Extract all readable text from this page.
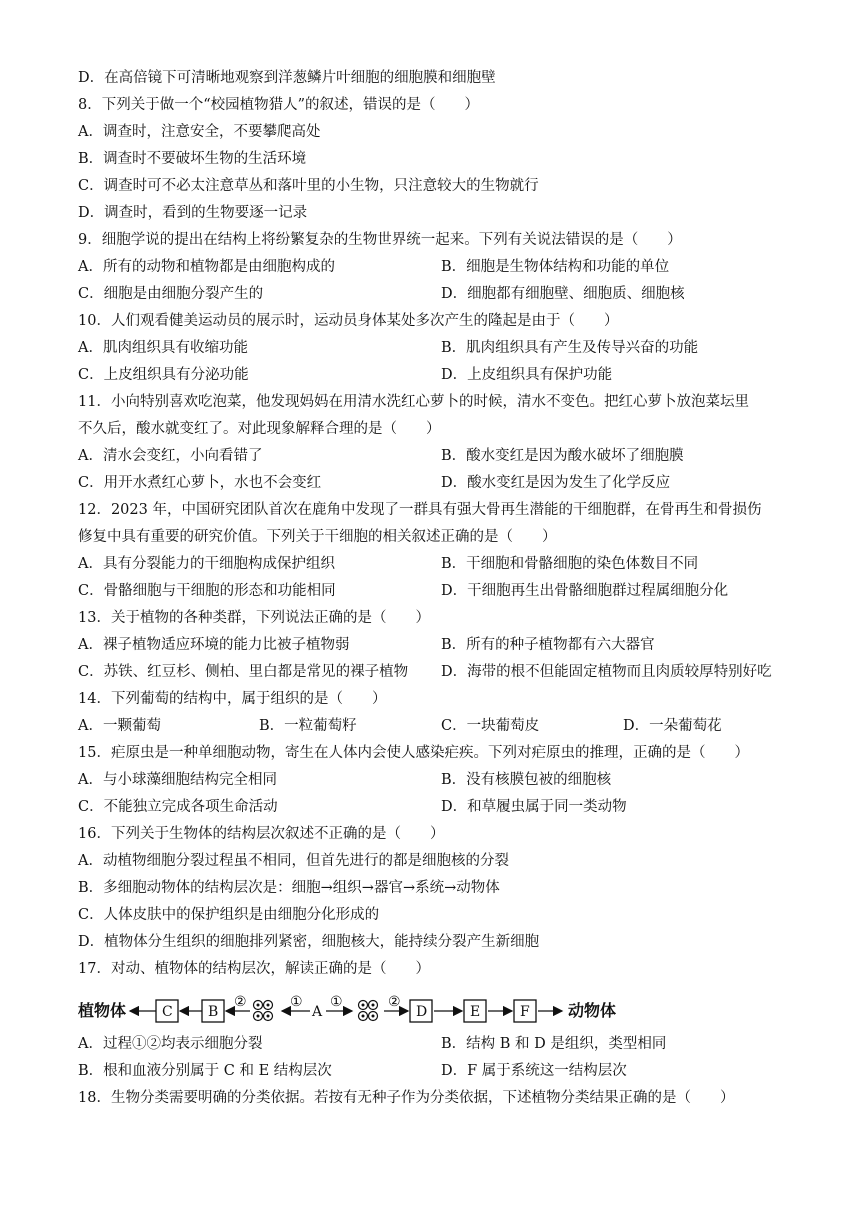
D．在高倍镜下可清晰地观察到洋葱鳞片叶细胞的细胞膜和细胞壁
8．下列关于做一个“校园植物猎人”的叙述，错误的是（　　）
A．调查时，注意安全，不要攀爬高处
B．调查时不要破坏生物的生活环境
C．调查时可不必太注意草丛和落叶里的小生物，只注意较大的生物就行
D．调查时，看到的生物要逐一记录
9．细胞学说的提出在结构上将纷繁复杂的生物世界统一起来。下列有关说法错误的是（　　）
A．所有的动物和植物都是由细胞构成的	B．细胞是生物体结构和功能的单位
C．细胞是由细胞分裂产生的	D．细胞都有细胞壁、细胞质、细胞核
10．人们观看健美运动员的展示时，运动员身体某处多次产生的隆起是由于（　　）
A．肌肉组织具有收缩功能	B．肌肉组织具有产生及传导兴奋的功能
C．上皮组织具有分泌功能	D．上皮组织具有保护功能
11．小向特别喜欢吃泡菜，他发现妈妈在用清水洗红心萝卜的时候，清水不变色。把红心萝卜放泡菜坛里
不久后，酸水就变红了。对此现象解释合理的是（　　）
A．清水会变红，小向看错了	B．酸水变红是因为酸水破坏了细胞膜
C．用开水煮红心萝卜，水也不会变红	D．酸水变红是因为发生了化学反应
12．2023 年，中国研究团队首次在鹿角中发现了一群具有强大骨再生潜能的干细胞群，在骨再生和骨损伤
修复中具有重要的研究价值。下列关于干细胞的相关叙述正确的是（　　）
A．具有分裂能力的干细胞构成保护组织	B．干细胞和骨骼细胞的染色体数目不同
C．骨骼细胞与干细胞的形态和功能相同	D．干细胞再生出骨骼细胞群过程属细胞分化
13．关于植物的各种类群，下列说法正确的是（　　）
A．裸子植物适应环境的能力比被子植物弱	B．所有的种子植物都有六大器官
C．苏铁、红豆杉、侧柏、里白都是常见的裸子植物 D．海带的根不但能固定植物而且肉质较厚特别好吃
14．下列葡萄的结构中，属于组织的是（　　）
A．一颗葡萄	B．一粒葡萄籽	C．一块葡萄皮	D．一朵葡萄花
15．疟原虫是一种单细胞动物，寄生在人体内会使人感染疟疾。下列对疟原虫的推理，正确的是（　　）
A．与小球藻细胞结构完全相同	B．没有核膜包被的细胞核
C．不能独立完成各项生命活动	D．和草履虫属于同一类动物
16．下列关于生物体的结构层次叙述不正确的是（　　）
A．动植物细胞分裂过程虽不相同，但首先进行的都是细胞核的分裂
B．多细胞动物体的结构层次是：细胞→组织→器官→系统→动物体
C．人体皮肤中的保护组织是由细胞分化形成的
D．植物体分生组织的细胞排列紧密，细胞核大，能持续分裂产生新细胞
17．对动、植物体的结构层次，解读正确的是（　　）
植物体	C	B
②	①
A
①	②
D	E	F 动物体
A．过程①②均表示细胞分裂	B．结构 B 和 D 是组织，类型相同
B．根和血液分别属于 C 和 E 结构层次	D．F 属于系统这一结构层次
18．生物分类需要明确的分类依据。若按有无种子作为分类依据，下述植物分类结果正确的是（　　）
